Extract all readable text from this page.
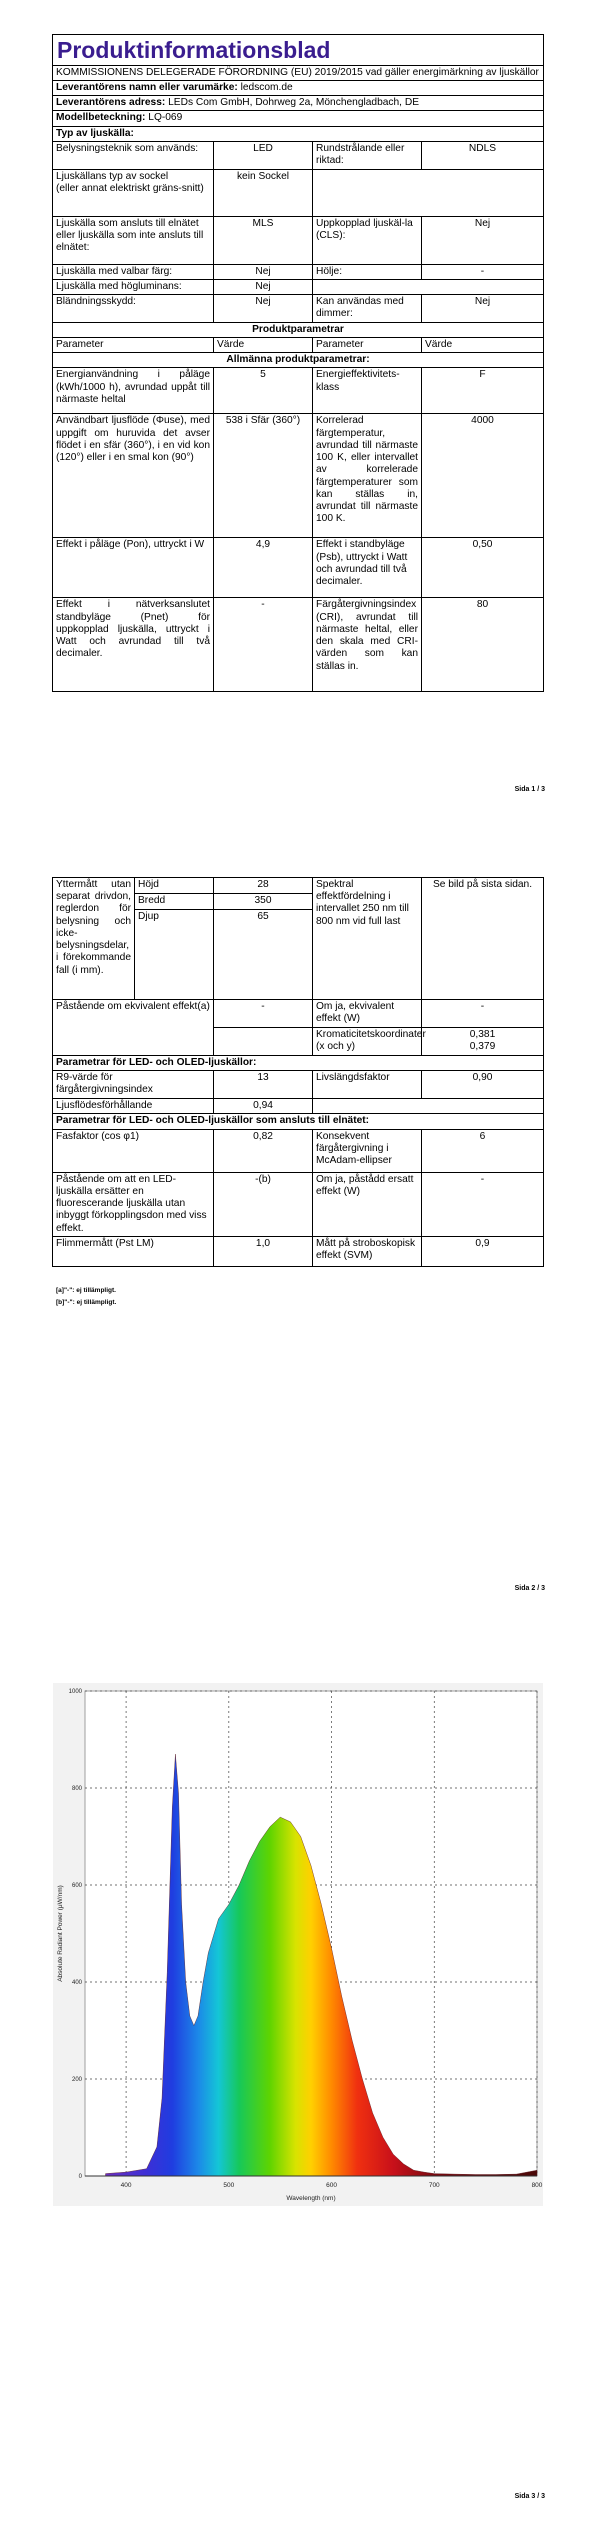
Produktinformationsblad			
KOMMISSIONENS DELEGERADE FÖRORDNING (EU) 2019/2015 vad gäller energimärkning av ljuskällor			
Leverantörens namn eller varumärke: ledscom.de			
Leverantörens adress: LEDs Com GmbH, Dohrweg 2a, Mönchengladbach, DE			
Modellbeteckning: LQ-069			
Typ av ljuskälla:			
Belysningsteknik som används:	LED	Rundstrålande eller riktad:	NDLS

Ljuskällans typ av sockel
(eller annat elektriskt gräns-snitt)	kein Sockel		
Ljuskälla som ansluts till elnätet eller ljuskälla som inte ansluts till elnätet:	MLS	Uppkopplad ljuskäl-la (CLS):	Nej
Ljuskälla med valbar färg:	Nej	Hölje:	-
Ljuskälla med högluminans:	Nej		
Bländningsskydd:	Nej	Kan användas med dimmer:	Nej
Produktparametrar			
Parameter	Värde	Parameter	Värde
Allmänna produktparametrar:			
Energianvändning i påläge (kWh/1000 h), avrundad uppåt till närmaste heltal	5	Energieffektivitets-klass	F
Användbart ljusflöde (Φuse), med uppgift om huruvida det avser flödet i en sfär (360°), i en vid kon (120°) eller i en smal kon (90°)	538 i Sfär (360°)	Korrelerad färgtemperatur, avrundad till närmaste 100 K, eller intervallet av korrelerade färgtemperaturer som kan ställas in, avrundat till närmaste 100 K.	4000
Effekt i påläge (Pon), uttryckt i W	4,9	Effekt i standbyläge (Psb), uttryckt i Watt och avrundad till två decimaler.	0,50
Effekt i nätverksanslutet standbyläge (Pnet) för uppkopplad ljuskälla, uttryckt i Watt och avrundad till två decimaler.	-	Färgåtergivningsindex (CRI), avrundat till närmaste heltal, eller den skala med CRI-värden som kan ställas in.	80
Sida 1 / 3
Yttermått utan separat drivdon, reglerdon för belysning och icke-belysningsdelar, i förekommande fall (i mm).	Höjd	28	Spektral effektfördelning i intervallet 250 nm till 800 nm vid full last	Se bild på sista sidan.
	Bredd	350		
	Djup	65		
Påstående om ekvivalent effekt(a)		-	Om ja, ekvivalent effekt (W)	-
			Kromaticitetskoordinater (x och y)	0,381
0,379

Parametrar för LED- och OLED-ljuskällor:				
R9-värde för färgåtergivningsindex		13	Livslängdsfaktor	0,90
Ljusflödesförhållande		0,94		
Parametrar för LED- och OLED-ljuskällor som ansluts till elnätet:				
Fasfaktor (cos φ1)		0,82	Konsekvent färgåtergivning i McAdam-ellipser	6
Påstående om att en LED-ljuskälla ersätter en fluorescerande ljuskälla utan inbyggt förkopplingsdon med viss effekt.		-(b)	Om ja, påstådd ersatt effekt (W)	-
Flimmermått (Pst LM)		1,0	Mått på stroboskopisk effekt (SVM)	0,9
[a]"-": ej tillämpligt.
[b]"-": ej tillämpligt.
Sida 2 / 3
400	500	600	700	800
0
200
400
600
800
1000
Wavelength (nm)
Absolute Radiant Power (μW/nm)
Sida 3 / 3
